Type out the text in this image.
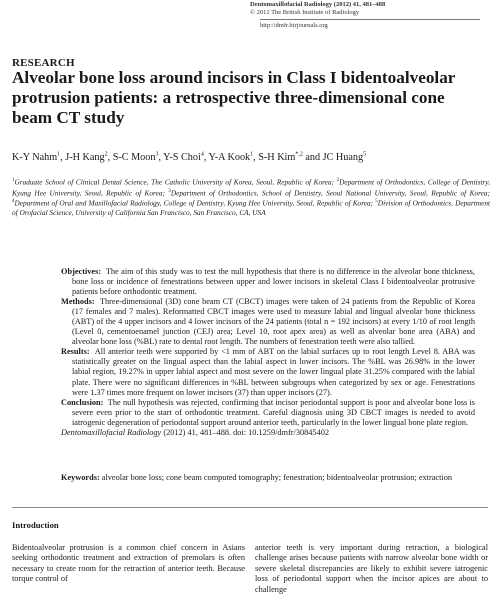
Dentomaxillofacial Radiology (2012) 41, 481–488
© 2012 The British Institute of Radiology
http://dmfr.birjournals.org
RESEARCH
Alveolar bone loss around incisors in Class I bidentoalveolar protrusion patients: a retrospective three-dimensional cone beam CT study
K-Y Nahm$^1$, J-H Kang$^2$, S-C Moon$^3$, Y-S Choi$^4$, Y-A Kook$^1$, S-H Kim$^{*,2}$ and JC Huang$^5$
$^1$Graduate School of Clinical Dental Science, The Catholic University of Korea, Seoul, Republic of Korea; $^2$Department of Orthodontics, College of Dentistry, Kyung Hee University, Seoul, Republic of Korea; $^3$Department of Orthodontics, School of Dentistry, Seoul National University, Seoul, Republic of Korea; $^4$Department of Oral and Maxillofacial Radiology, College of Dentistry, Kyung Hee University, Seoul, Republic of Korea; $^5$Division of Orthodontics, Department of Orofacial Science, University of California San Francisco, San Francisco, CA, USA

Objectives: The aim of this study was to test the null hypothesis that there is no difference in the alveolar bone thickness, bone loss or incidence of fenestrations between upper and lower incisors in skeletal Class I bidentoalveolar protrusive patients before orthodontic treatment.

Methods: Three-dimensional (3D) cone beam CT (CBCT) images were taken of 24 patients from the Republic of Korea (17 females and 7 males). Reformatted CBCT images were used to measure labial and lingual alveolar bone thickness (ABT) of the 4 upper incisors and 4 lower incisors of the 24 patients (total n = 192 incisors) at every 1/10 of root length (Level 0, cementoenamel junction (CEJ) area; Level 10, root apex area) as well as alveolar bone area (ABA) and alveolar bone loss (%BL) rate to dental root length. The numbers of fenestration teeth were also tallied.

Results: All anterior teeth were supported by <1 mm of ABT on the labial surfaces up to root length Level 8. ABA was statistically greater on the lingual aspect than the labial aspect in lower incisors. The %BL was 26.98% in the lower labial region, 19.27% in upper labial aspect and most severe on the lower lingual plate 31.25% compared with the labial plate. There were no significant differences in %BL between subgroups when categorized by sex or age. Fenestrations were 1.37 times more frequent on lower incisors (37) than upper incisors (27).

Conclusion: The null hypothesis was rejected, confirming that incisor periodontal support is poor and alveolar bone loss is severe even prior to the start of orthodontic treatment. Careful diagnosis using 3D CBCT images is needed to avoid iatrogenic degeneration of periodontal support around anterior teeth, particularly in the lower lingual bone plate region.

Dentomaxillofacial Radiology (2012) 41, 481–488. doi: 10.1259/dmfr/30845402

Keywords: alveolar bone loss; cone beam computed tomography; fenestration; bidentoalveolar protrusion; extraction
Introduction
Bidentoalveolar protrusion is a common chief concern in Asians seeking orthodontic treatment and extraction of premolars is often necessary to create room for the retraction of anterior teeth. Because torque control of
anterior teeth is very important during retraction, a biological challenge arises because patients with narrow alveolar bone width or severe skeletal discrepancies are likely to exhibit severe iatrogenic loss of periodontal support when the incisor apices are about to challenge
